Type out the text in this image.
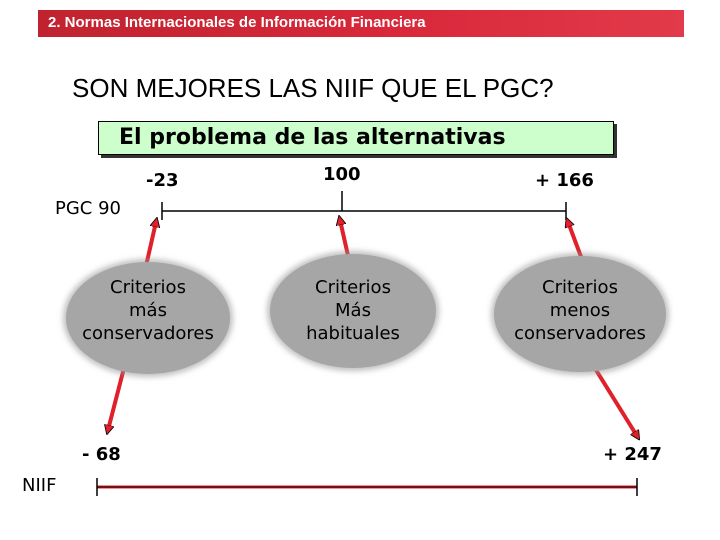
2. Normas Internacionales de Información Financiera
SON MEJORES LAS NIIF QUE EL PGC?
El problema de las alternativas
-23	100	+ 166
PGC 90
Criterios
más
conservadores
Criterios
Más
habituales
Criterios
menos
conservadores
- 68	+ 247
NIIF
